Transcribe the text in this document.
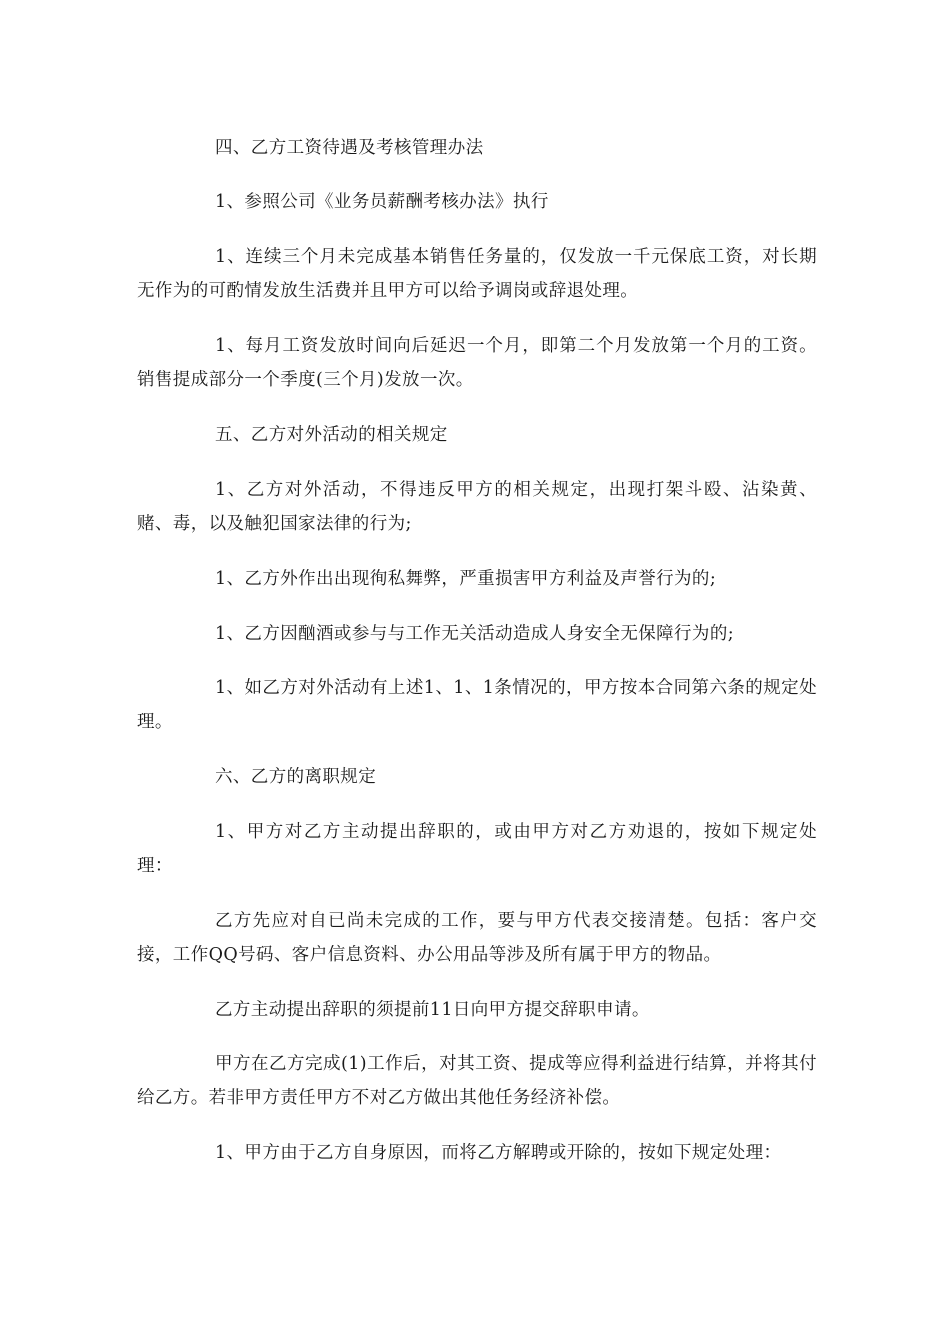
四、乙方工资待遇及考核管理办法

1、参照公司《业务员薪酬考核办法》执行

1、连续三个月未完成基本销售任务量的，仅发放一千元保底工资，对长期无作为的可酌情发放生活费并且甲方可以给予调岗或辞退处理。

1、每月工资发放时间向后延迟一个月，即第二个月发放第一个月的工资。销售提成部分一个季度(三个月)发放一次。

五、乙方对外活动的相关规定

1、乙方对外活动，不得违反甲方的相关规定，出现打架斗殴、沾染黄、赌、毒，以及触犯国家法律的行为;

1、乙方外作出出现徇私舞弊，严重损害甲方利益及声誉行为的;

1、乙方因酗酒或参与与工作无关活动造成人身安全无保障行为的;

1、如乙方对外活动有上述1、1、1条情况的，甲方按本合同第六条的规定处理。

六、乙方的离职规定

1、甲方对乙方主动提出辞职的，或由甲方对乙方劝退的，按如下规定处理：

乙方先应对自已尚未完成的工作，要与甲方代表交接清楚。包括：客户交接，工作QQ号码、客户信息资料、办公用品等涉及所有属于甲方的物品。

乙方主动提出辞职的须提前11日向甲方提交辞职申请。

甲方在乙方完成(1)工作后，对其工资、提成等应得利益进行结算，并将其付给乙方。若非甲方责任甲方不对乙方做出其他任务经济补偿。

1、甲方由于乙方自身原因，而将乙方解聘或开除的，按如下规定处理：
